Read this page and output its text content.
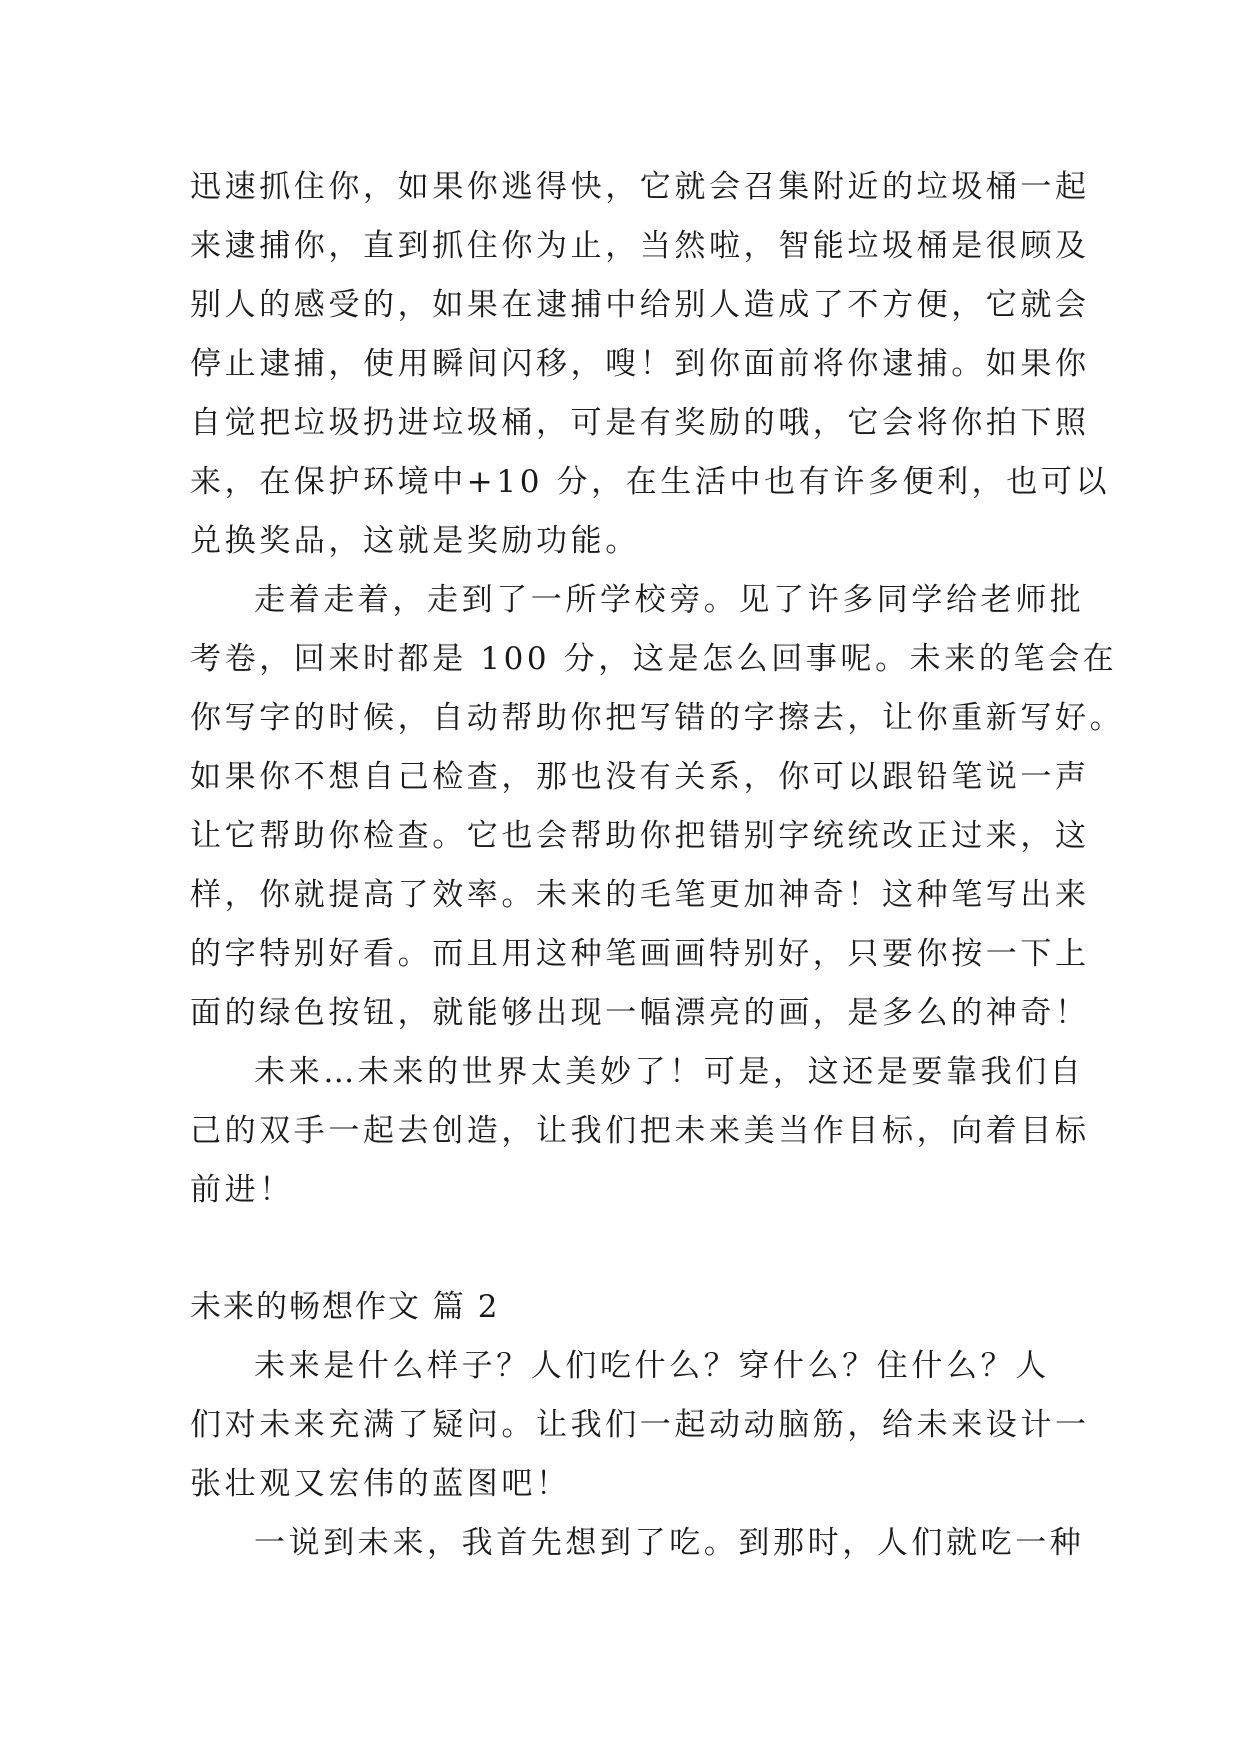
迅速抓住你，如果你逃得快，它就会召集附近的垃圾桶一起
来逮捕你，直到抓住你为止，当然啦，智能垃圾桶是很顾及
别人的感受的，如果在逮捕中给别人造成了不方便，它就会
停止逮捕，使用瞬间闪移，嗖！到你面前将你逮捕。如果你
自觉把垃圾扔进垃圾桶，可是有奖励的哦，它会将你拍下照
来，在保护环境中+10 分，在生活中也有许多便利，也可以
兑换奖品，这就是奖励功能。

走着走着，走到了一所学校旁。见了许多同学给老师批
考卷，回来时都是 100 分，这是怎么回事呢。未来的笔会在
你写字的时候，自动帮助你把写错的字擦去，让你重新写好。
如果你不想自己检查，那也没有关系，你可以跟铅笔说一声
让它帮助你检查。它也会帮助你把错别字统统改正过来，这
样，你就提高了效率。未来的毛笔更加神奇！这种笔写出来
的字特别好看。而且用这种笔画画特别好，只要你按一下上
面的绿色按钮，就能够出现一幅漂亮的画，是多么的神奇！

未来…未来的世界太美妙了！可是，这还是要靠我们自
己的双手一起去创造，让我们把未来美当作目标，向着目标
前进！

未来的畅想作文 篇 2

未来是什么样子？人们吃什么？穿什么？住什么？人
们对未来充满了疑问。让我们一起动动脑筋，给未来设计一
张壮观又宏伟的蓝图吧！

一说到未来，我首先想到了吃。到那时，人们就吃一种
